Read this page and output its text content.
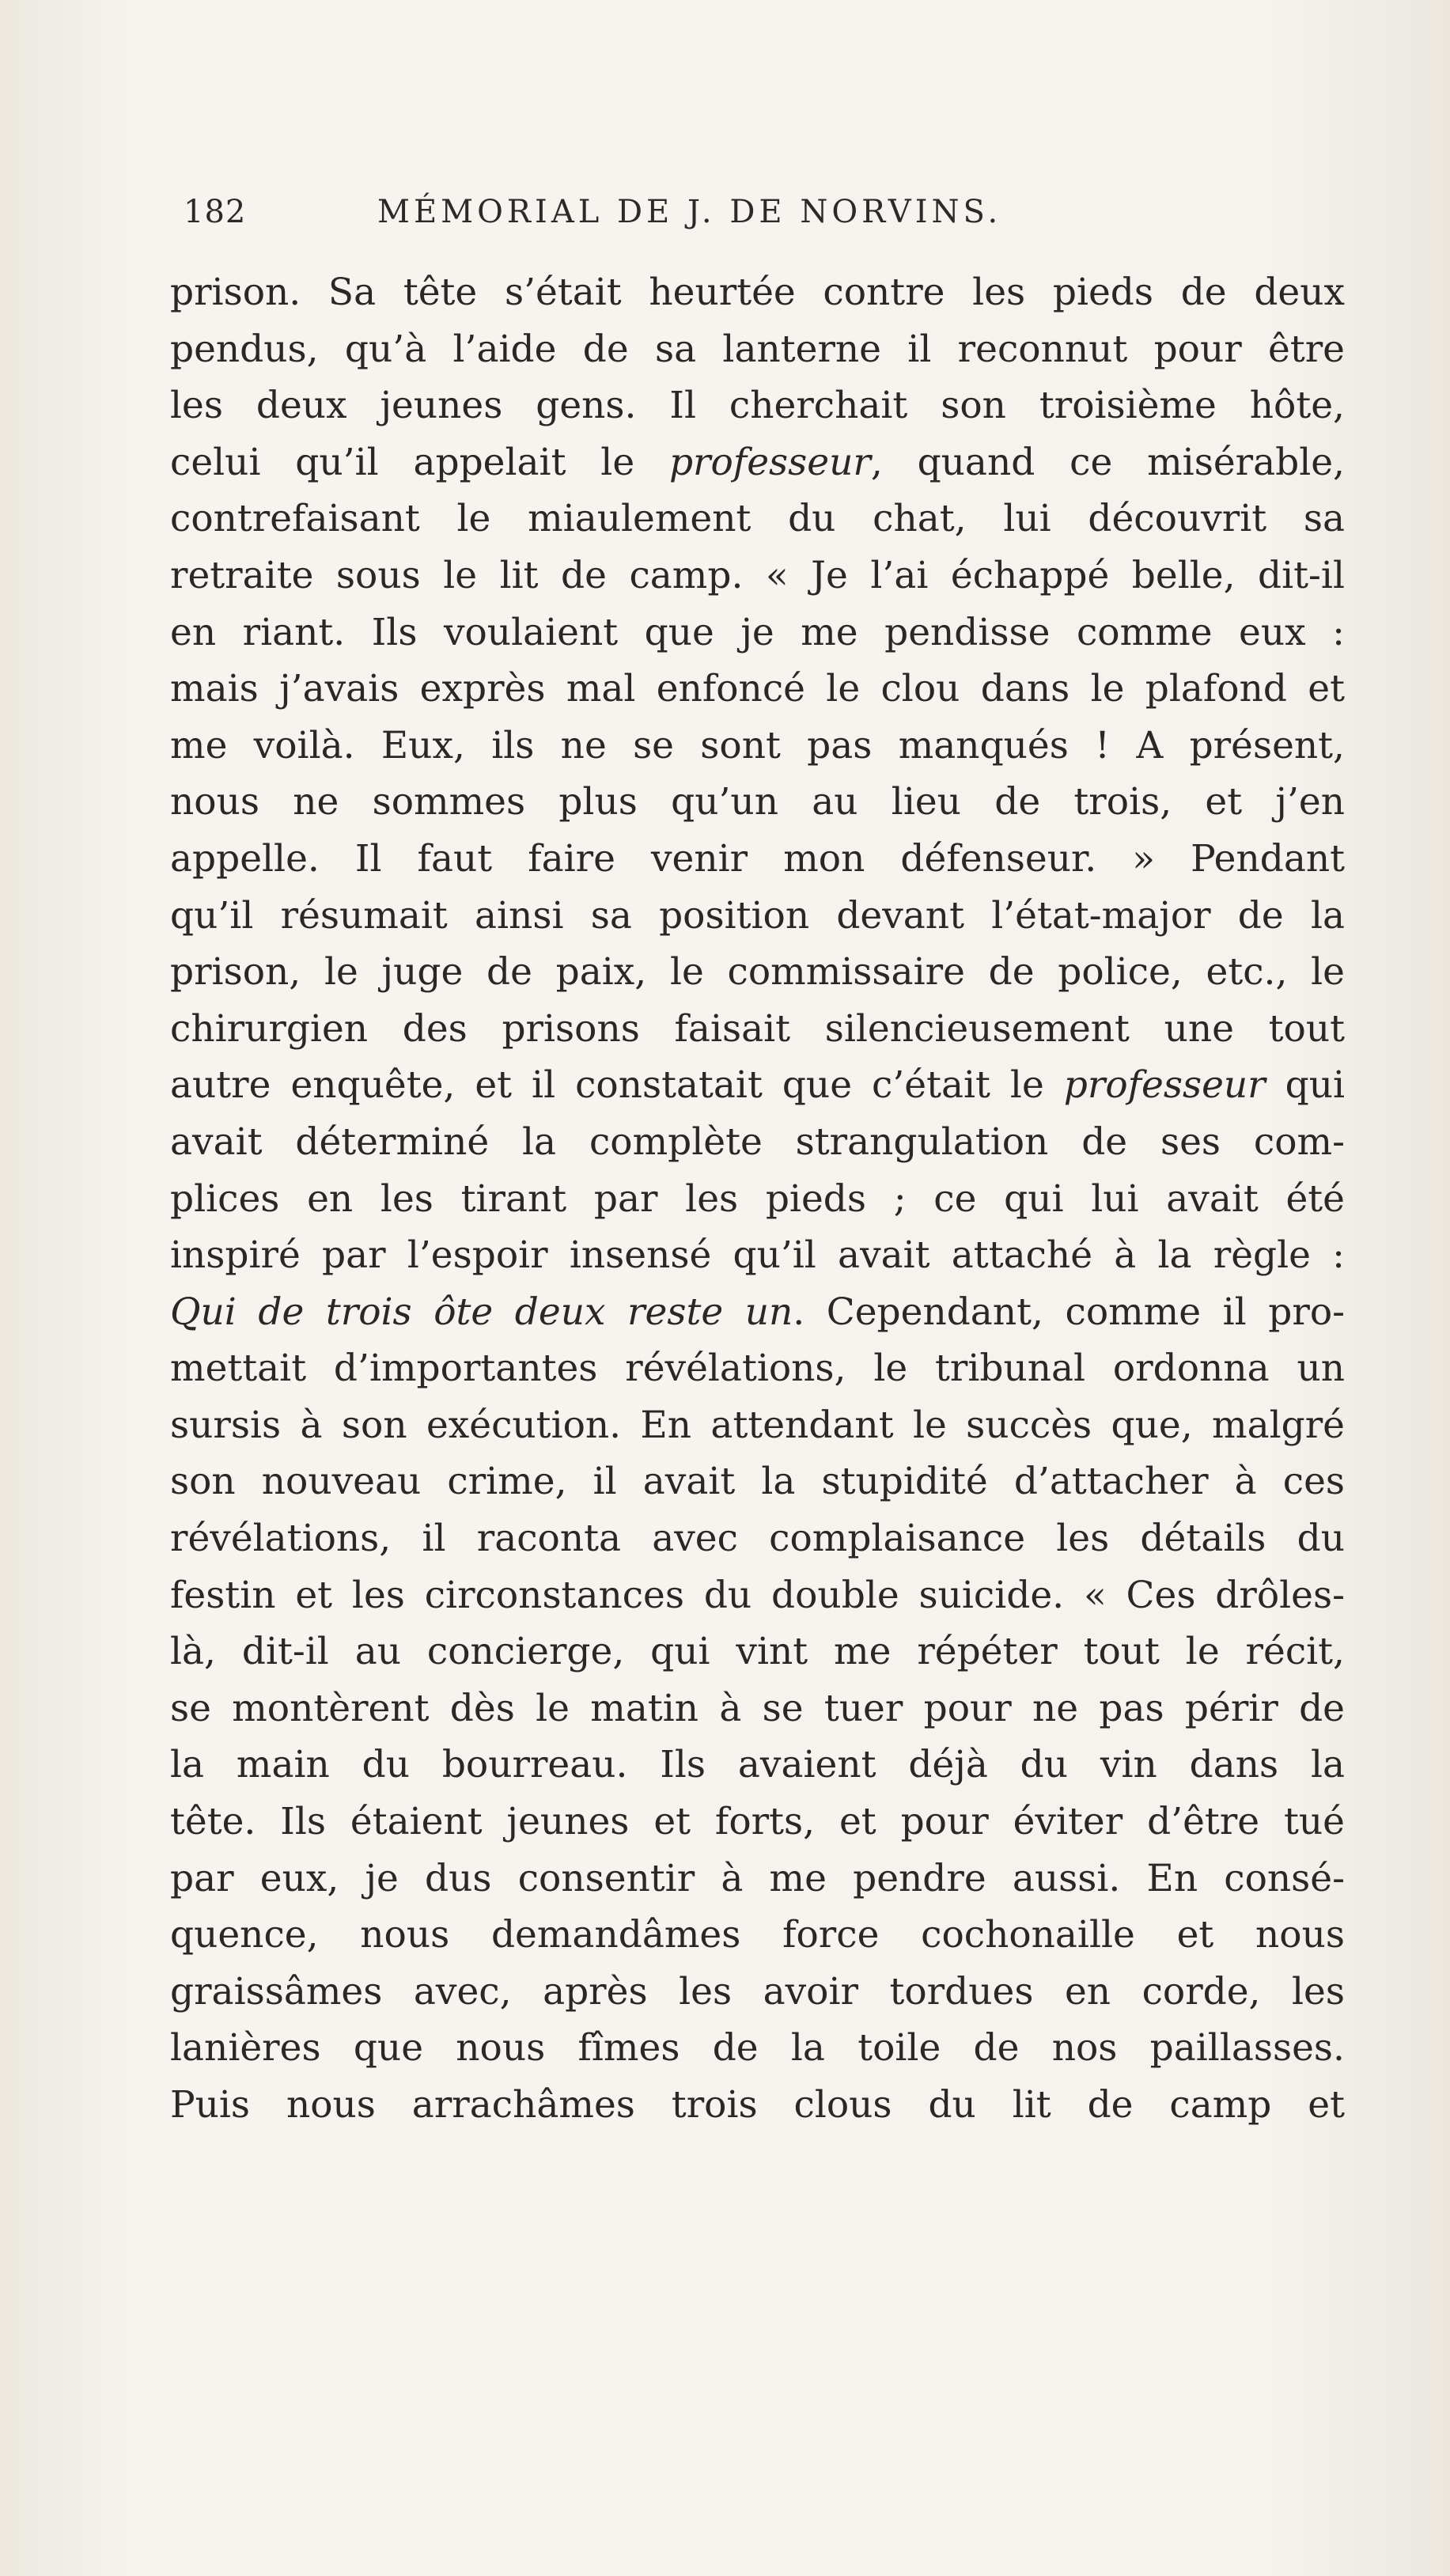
182	MÉMORIAL DE J. DE NORVINS.
prison. Sa tête s’était heurtée contre les pieds de deux
pendus, qu’à l’aide de sa lanterne il reconnut pour être
les deux jeunes gens. Il cherchait son troisième hôte,
celui qu’il appelait le professeur, quand ce misérable,
contrefaisant le miaulement du chat, lui découvrit sa
retraite sous le lit de camp. « Je l’ai échappé belle, dit-il
en riant. Ils voulaient que je me pendisse comme eux :
mais j’avais exprès mal enfoncé le clou dans le plafond et
me voilà. Eux, ils ne se sont pas manqués ! A présent,
nous ne sommes plus qu’un au lieu de trois, et j’en
appelle. Il faut faire venir mon défenseur. » Pendant
qu’il résumait ainsi sa position devant l’état-major de la
prison, le juge de paix, le commissaire de police, etc., le
chirurgien des prisons faisait silencieusement une tout
autre enquête, et il constatait que c’était le professeur qui
avait déterminé la complète strangulation de ses com-
plices en les tirant par les pieds ; ce qui lui avait été
inspiré par l’espoir insensé qu’il avait attaché à la règle :
Qui de trois ôte deux reste un. Cependant, comme il pro-
mettait d’importantes révélations, le tribunal ordonna un
sursis à son exécution. En attendant le succès que, malgré
son nouveau crime, il avait la stupidité d’attacher à ces
révélations, il raconta avec complaisance les détails du
festin et les circonstances du double suicide. « Ces drôles-
là, dit-il au concierge, qui vint me répéter tout le récit,
se montèrent dès le matin à se tuer pour ne pas périr de
la main du bourreau. Ils avaient déjà du vin dans la
tête. Ils étaient jeunes et forts, et pour éviter d’être tué
par eux, je dus consentir à me pendre aussi. En consé-
quence, nous demandâmes force cochonaille et nous
graissâmes avec, après les avoir tordues en corde, les
lanières que nous fîmes de la toile de nos paillasses.
Puis nous arrachâmes trois clous du lit de camp et
